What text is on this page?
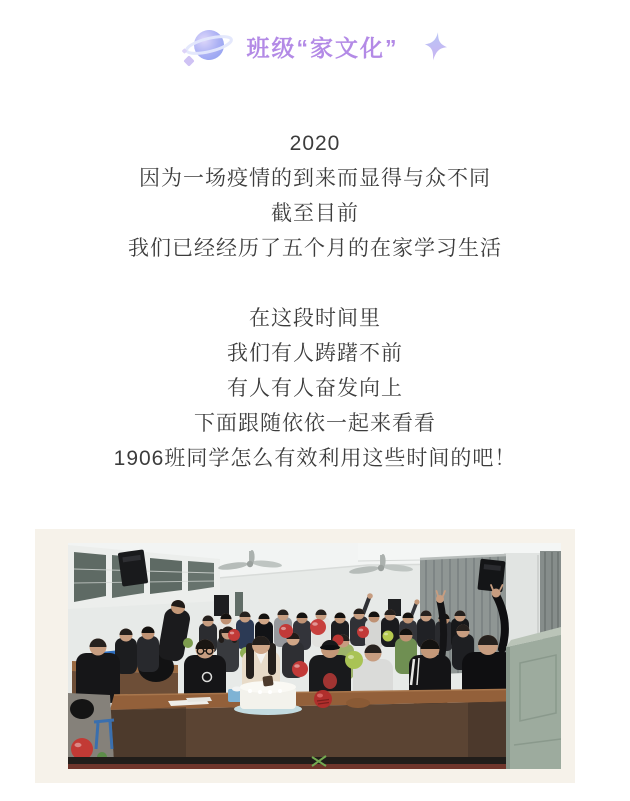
班级“家文化”

2020

因为一场疫情的到来而显得与众不同

截至目前

我们已经经历了五个月的在家学习生活

在这段时间里

我们有人踌躇不前

有人有人奋发向上

下面跟随依依一起来看看

1906班同学怎么有效利用这些时间的吧！
